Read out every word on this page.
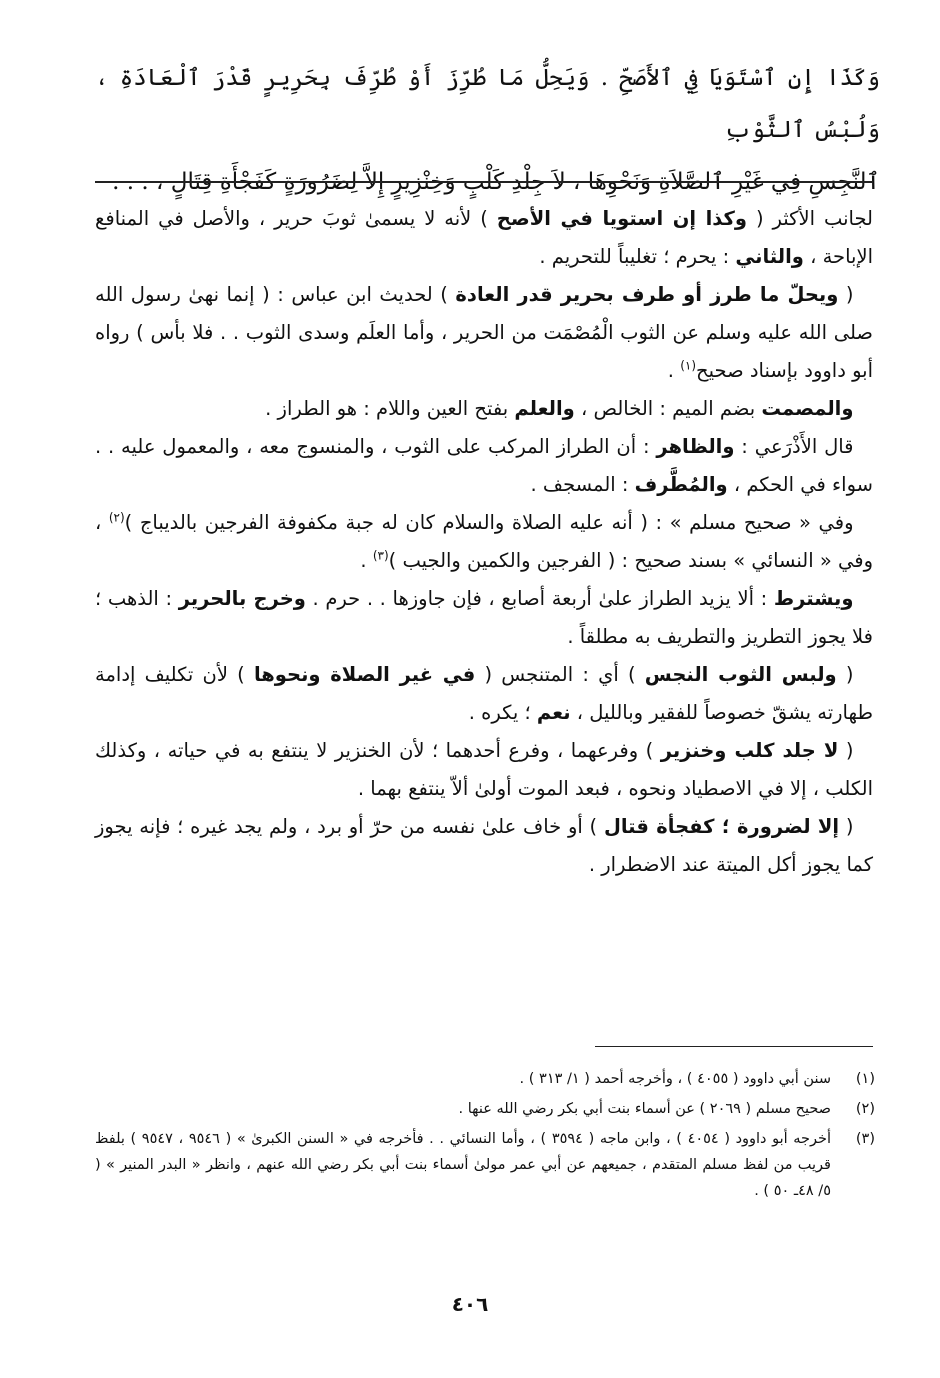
وَكَذَا إِنِ ٱسْتَوَيَا فِي ٱلأَصَحِّ . وَيَحِلُّ مَا طُرِّزَ أَوْ طُرِّفَ بِحَرِيرٍ قَدْرَ ٱلْعَادَةِ ، وَلُبْسُ ٱلثَّوْبِ
ٱلنَّجِسِ فِي غَيْرِ ٱلصَّلاَةِ وَنَحْوِهَا ، لاَ جِلْدِ كَلْبٍ وَخِنْزِيرٍ إِلاَّ لِضَرُورَةٍ كَفَجْأَةِ قِتَالٍ ، . . .

لجانب الأكثر ( وكذا إن استويا في الأصح ) لأنه لا يسمىٰ ثوبَ حرير ، والأصل في المنافع الإباحة ، والثاني : يحرم ؛ تغليباً للتحريم .

 ( ويحلّ ما طرز أو طرف بحرير قدر العادة ) لحديث ابن عباس : ( إنما نهىٰ رسول الله صلى الله عليه وسلم عن الثوب الْمُصْمَت من الحرير ، وأما العلَم وسدى الثوب . . فلا بأس ) رواه أبو داوود بإسناد صحيح$^{(١)}$ .

 والمصمت بضم الميم : الخالص ، والعلم بفتح العين واللام : هو الطراز .

 قال الأَذْرَعي : والظاهر : أن الطراز المركب على الثوب ، والمنسوج معه ، والمعمول عليه . . سواء في الحكم ، والمُطَّرف : المسجف .

 وفي « صحيح مسلم » : ( أنه عليه الصلاة والسلام كان له جبة مكفوفة الفرجين بالديباج )$^{(٢)}$ ، وفي « النسائي » بسند صحيح : ( الفرجين والكمين والجيب )$^{(٣)}$ .

 ويشترط : ألا يزيد الطراز علىٰ أربعة أصابع ، فإن جاوزها . . حرم . وخرج بالحرير : الذهب ؛ فلا يجوز التطريز والتطريف به مطلقاً .

 ( ولبس الثوب النجس ) أي : المتنجس ( في غير الصلاة ونحوها ) لأن تكليف إدامة طهارته يشقّ خصوصاً للفقير وبالليل ، نعم ؛ يكره .

 ( لا جلد كلب وخنزير ) وفرعهما ، وفرع أحدهما ؛ لأن الخنزير لا ينتفع به في حياته ، وكذلك الكلب ، إلا في الاصطياد ونحوه ، فبعد الموت أولىٰ ألاّ ينتفع بهما .

 ( إلا لضرورة ؛ كفجأة قتال ) أو خاف علىٰ نفسه من حرّ أو برد ، ولم يجد غيره ؛ فإنه يجوز كما يجوز أكل الميتة عند الاضطرار .

(١)
سنن أبي داوود ( ٤٠٥٥ ) ، وأخرجه أحمد ( ١/ ٣١٣ ) .
(٢)
صحيح مسلم ( ٢٠٦٩ ) عن أسماء بنت أبي بكر رضي الله عنها .
(٣)
أخرجه أبو داوود ( ٤٠٥٤ ) ، وابن ماجه ( ٣٥٩٤ ) ، وأما النسائي . . فأخرجه في « السنن الكبرىٰ » ( ٩٥٤٦ ، ٩٥٤٧ ) بلفظ قريب من لفظ مسلم المتقدم ، جميعهم عن أبي عمر مولىٰ أسماء بنت أبي بكر رضي الله عنهم ، وانظر « البدر المنير » ( ٥/ ٤٨ـ ٥٠ ) .
٤٠٦
